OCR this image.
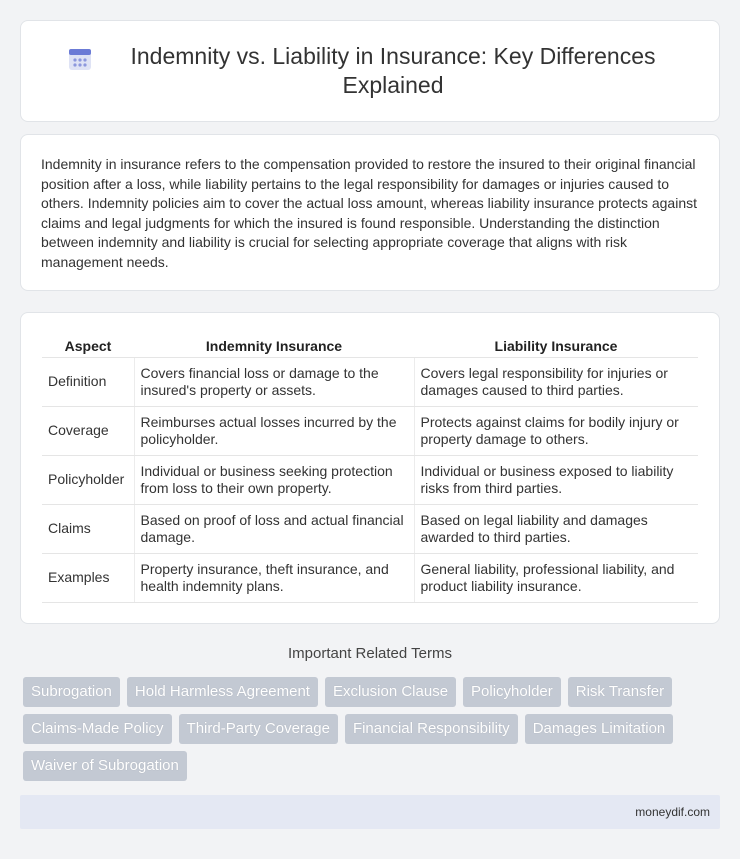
Indemnity vs. Liability in Insurance: Key Differences Explained

Indemnity in insurance refers to the compensation provided to restore the insured to their original financial position after a loss, while liability pertains to the legal responsibility for damages or injuries caused to others. Indemnity policies aim to cover the actual loss amount, whereas liability insurance protects against claims and legal judgments for which the insured is found responsible. Understanding the distinction between indemnity and liability is crucial for selecting appropriate coverage that aligns with risk management needs.

Aspect	Indemnity Insurance	Liability Insurance
Definition	Covers financial loss or damage to the insured's property or assets.	Covers legal responsibility for injuries or damages caused to third parties.
Coverage	Reimburses actual losses incurred by the policyholder.	Protects against claims for bodily injury or property damage to others.
Policyholder	Individual or business seeking protection from loss to their own property.	Individual or business exposed to liability risks from third parties.
Claims	Based on proof of loss and actual financial damage.	Based on legal liability and damages awarded to third parties.
Examples	Property insurance, theft insurance, and health indemnity plans.	General liability, professional liability, and product liability insurance.
Important Related Terms
Subrogation	Hold Harmless Agreement	Exclusion Clause	Policyholder	Risk Transfer
Claims-Made Policy	Third-Party Coverage	Financial Responsibility	Damages Limitation
Waiver of Subrogation
moneydif.com
